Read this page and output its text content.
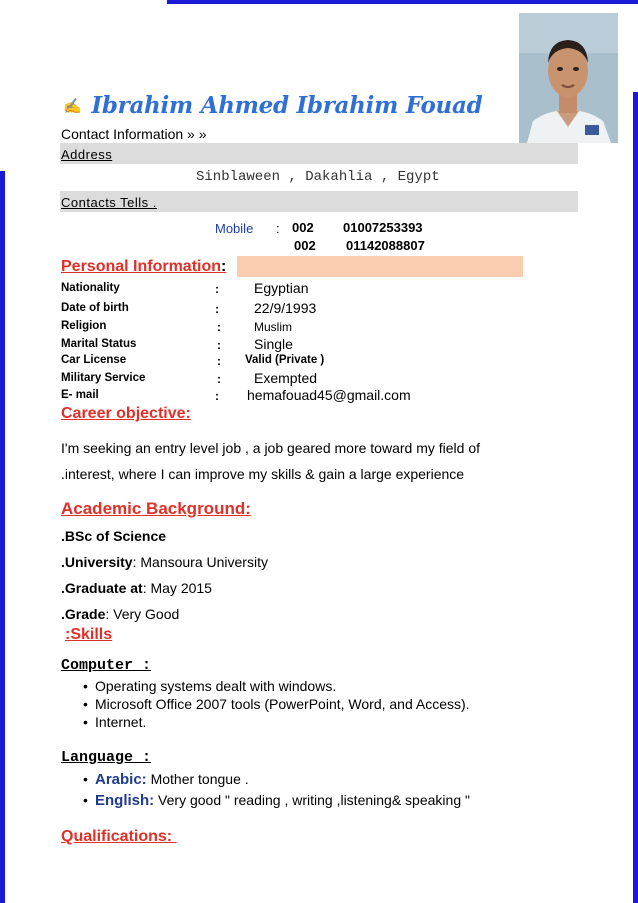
✍ Ibrahim Ahmed Ibrahim Fouad
Contact Information » »
Address
Sinblaween , Dakahlia , Egypt
Contacts Tells .
Mobile : 002 01007253393
002 01142088807
Personal Information:
Nationality	:	Egyptian
Date of birth	:	22/9/1993
Religion	:	Muslim
Marital Status	: Single
Car License	: Valid (Private )
Military Service	: Exempted
E- mail	: hemafouad45@gmail.com
Career objective:
I'm seeking an entry level job , a job geared more toward my field of
.interest, where I can improve my skills & gain a large experience
Academic Background:
.BSc of Science
.University: Mansoura University
.Graduate at: May 2015
.Grade: Very Good
:Skills
Computer :
• Operating systems dealt with windows.
• Microsoft Office 2007 tools (PowerPoint, Word, and Access).
• Internet.
Language :
• Arabic: Mother tongue .
• English: Very good " reading , writing ,listening& speaking "
Qualifications:
